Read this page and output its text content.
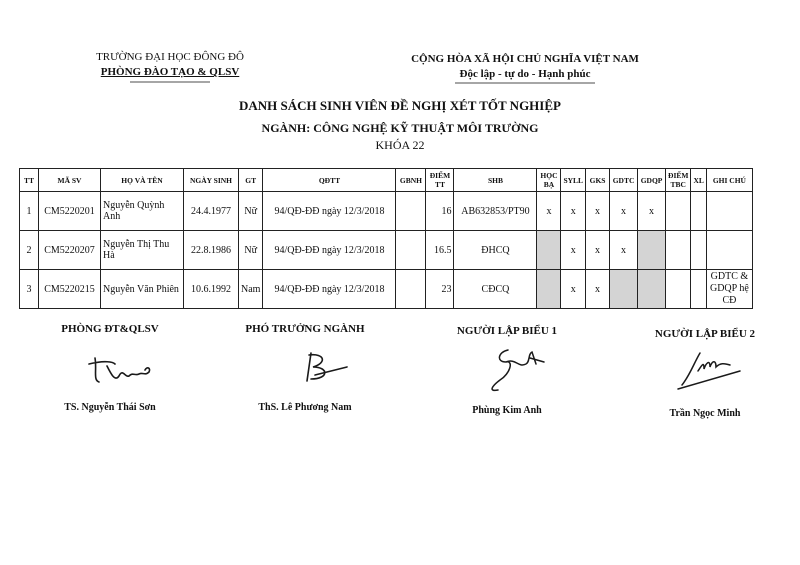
TRƯỜNG ĐẠI HỌC ĐÔNG ĐÔ
PHÒNG ĐÀO TẠO & QLSV
CỘNG HÒA XÃ HỘI CHỦ NGHĨA VIỆT NAM
Độc lập - tự do - Hạnh phúc
DANH SÁCH SINH VIÊN ĐỀ NGHỊ XÉT TỐT NGHIỆP
NGÀNH: CÔNG NGHỆ KỸ THUẬT MÔI TRƯỜNG
KHÓA 22
TT	MÃ SV	HỌ VÀ TÊN	NGÀY SINH	GT	QĐTT	GBNH	ĐIỂM TT	SHB	HỌC BẠ	SYLL	GKS	GDTC	GDQP	ĐIỂM TBC	XL	GHI CHÚ
1	CM5220201	Nguyễn Quỳnh Anh	24.4.1977	Nữ	94/QĐ-ĐĐ ngày 12/3/2018		16	AB632853/PT90	x	x	x	x	x			
2	CM5220207	Nguyễn Thị Thu Hà	22.8.1986	Nữ	94/QĐ-ĐĐ ngày 12/3/2018		16.5	ĐHCQ		x	x	x				
3	CM5220215	Nguyễn Văn Phiên	10.6.1992	Nam	94/QĐ-ĐĐ ngày 12/3/2018		23	CĐCQ		x	x					GDTC & GDQP hệ CĐ
PHÒNG ĐT&QLSV
TS. Nguyễn Thái Sơn
PHÓ TRƯỞNG NGÀNH
ThS. Lê Phương Nam
NGƯỜI LẬP BIỂU 1
Phùng Kim Anh
NGƯỜI LẬP BIỂU 2
Trần Ngọc Minh
